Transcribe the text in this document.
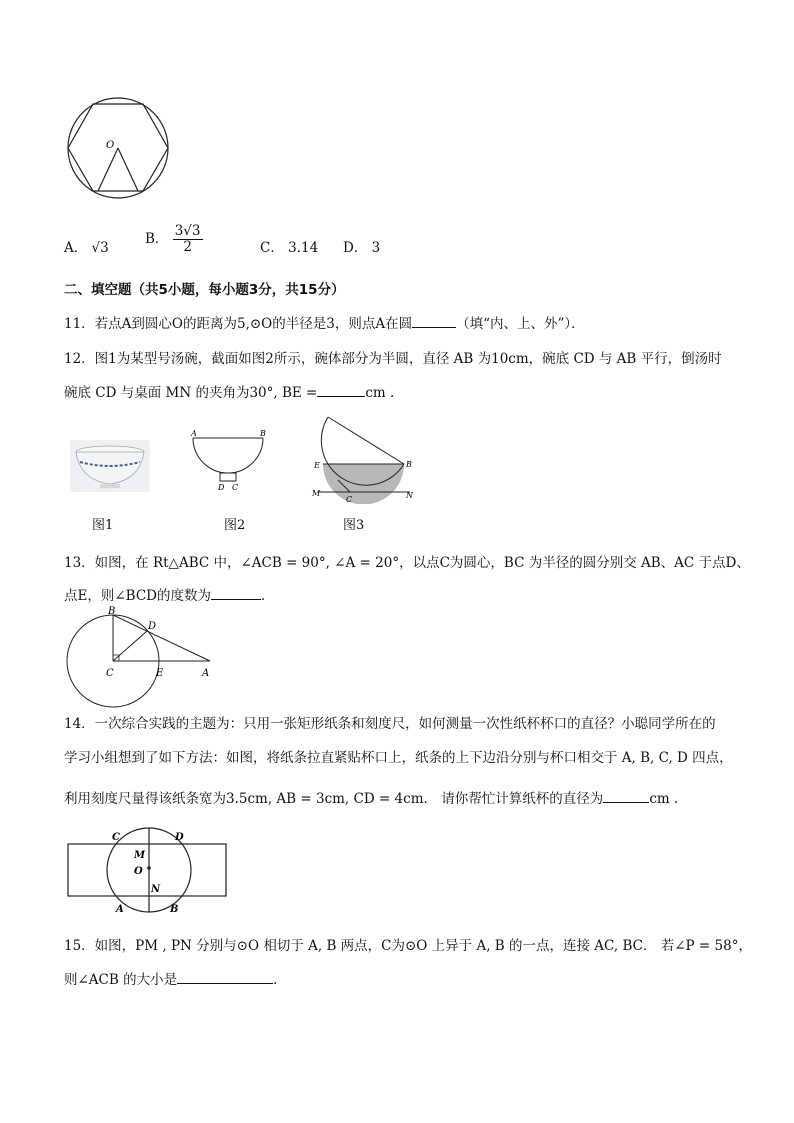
O
A． √3
B． $\frac{3√3}{2}$	C． 3.14 D． 3
二、填空题（共5小题，每小题3分，共15分）
11．若点A到圆心O的距离为5,⊙O的半径是3，则点A在圆	（填“内、上、外”）．
12．图1为某型号汤碗，截面如图2所示，碗体部分为半圆，直径 AB 为10cm，碗底 CD 与 AB 平行，倒汤时
碗底 CD 与桌面 MN 的夹角为30°, BE =	cm .
图1
A	B
D C
图2
E	B
M
C	N
图3
13．如图，在 Rt△ABC 中，∠ACB = 90°, ∠A = 20°，以点C为圆心，BC 为半径的圆分别交 AB、AC 于点D、
点E，则∠BCD的度数为	．
B
D
C	E	A
14．一次综合实践的主题为：只用一张矩形纸条和刻度尺，如何测量一次性纸杯杯口的直径？小聪同学所在的
学习小组想到了如下方法：如图，将纸条拉直紧贴杯口上，纸条的上下边沿分别与杯口相交于 A, B, C, D 四点，
利用刻度尺量得该纸条宽为3.5cm, AB = 3cm, CD = 4cm． 请你帮忙计算纸杯的直径为	cm .
C	D
M
O
N
A	B
15．如图，PM , PN 分别与⊙O 相切于 A, B 两点，C为⊙O 上异于 A, B 的一点，连接 AC, BC． 若∠P = 58°，
则∠ACB 的大小是	．
